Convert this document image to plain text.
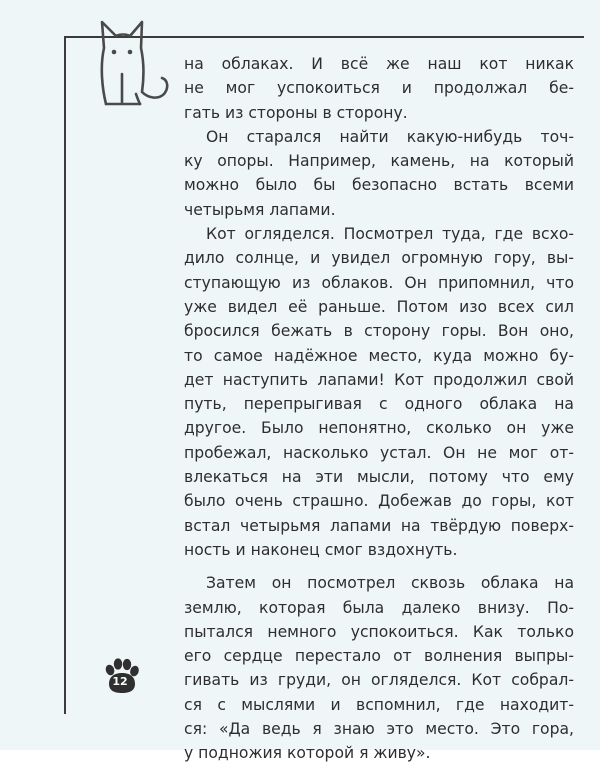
на облаках. И всё же наш кот никак
не мог успокоиться и продолжал бе-
гать из стороны в сторону.

Он старался найти какую-нибудь точ-
ку опоры. Например, камень, на который
можно было бы безопасно встать всеми
четырьмя лапами.

Кот огляделся. Посмотрел туда, где всхо-
дило солнце, и увидел огромную гору, вы-
ступающую из облаков. Он припомнил, что
уже видел её раньше. Потом изо всех сил
бросился бежать в сторону горы. Вон оно,
то самое надёжное место, куда можно бу-
дет наступить лапами! Кот продолжил свой
путь, перепрыгивая с одного облака на
другое. Было непонятно, сколько он уже
пробежал, насколько устал. Он не мог от-
влекаться на эти мысли, потому что ему
было очень страшно. Добежав до горы, кот
встал четырьмя лапами на твёрдую поверх-
ность и наконец смог вздохнуть.

Затем он посмотрел сквозь облака на
землю, которая была далеко внизу. По-
пытался немного успокоиться. Как только
его сердце перестало от волнения выпры-
гивать из груди, он огляделся. Кот собрал-
ся с мыслями и вспомнил, где находит-
ся: «Да ведь я знаю это место. Это гора,
у подножия которой я живу».

12
